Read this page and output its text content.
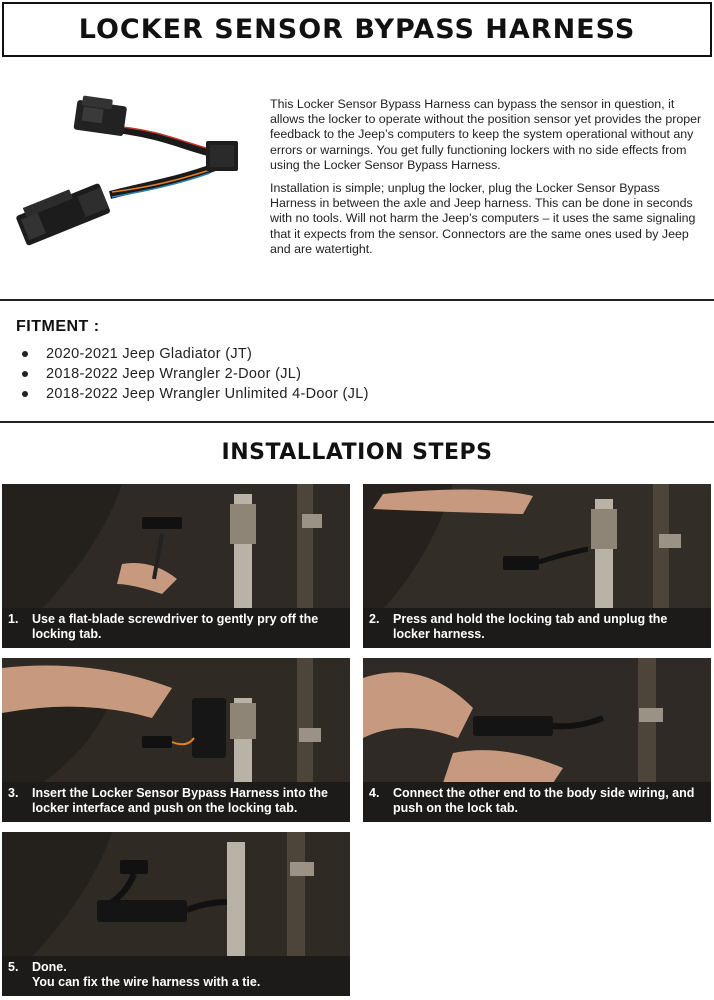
LOCKER SENSOR BYPASS HARNESS

This Locker Sensor Bypass Harness can bypass the sensor in question, it allows the locker to operate without the position sensor yet provides the proper feedback to the Jeep’s computers to keep the system operational without any errors or warnings. You get fully functioning lockers with no side effects from using the Locker Sensor Bypass Harness.

Installation is simple; unplug the locker, plug the Locker Sensor Bypass Harness in between the axle and Jeep harness. This can be done in seconds with no tools. Will not harm the Jeep’s computers – it uses the same signaling that it expects from the sensor. Connectors are the same ones used by Jeep and are watertight.

FITMENT :
2020-2021 Jeep Gladiator (JT)
2018-2022 Jeep Wrangler 2-Door (JL)
2018-2022 Jeep Wrangler Unlimited 4-Door (JL)
INSTALLATION STEPS
1.	Use a flat-blade screwdriver to gently pry off the locking tab.
2.	Press and hold the locking tab and unplug the locker harness.
3.	Insert the Locker Sensor Bypass Harness into the locker interface and push on the locking tab.
4.	Connect the other end to the body side wiring, and push on the lock tab.
5.	Done.
You can fix the wire harness with a tie.
